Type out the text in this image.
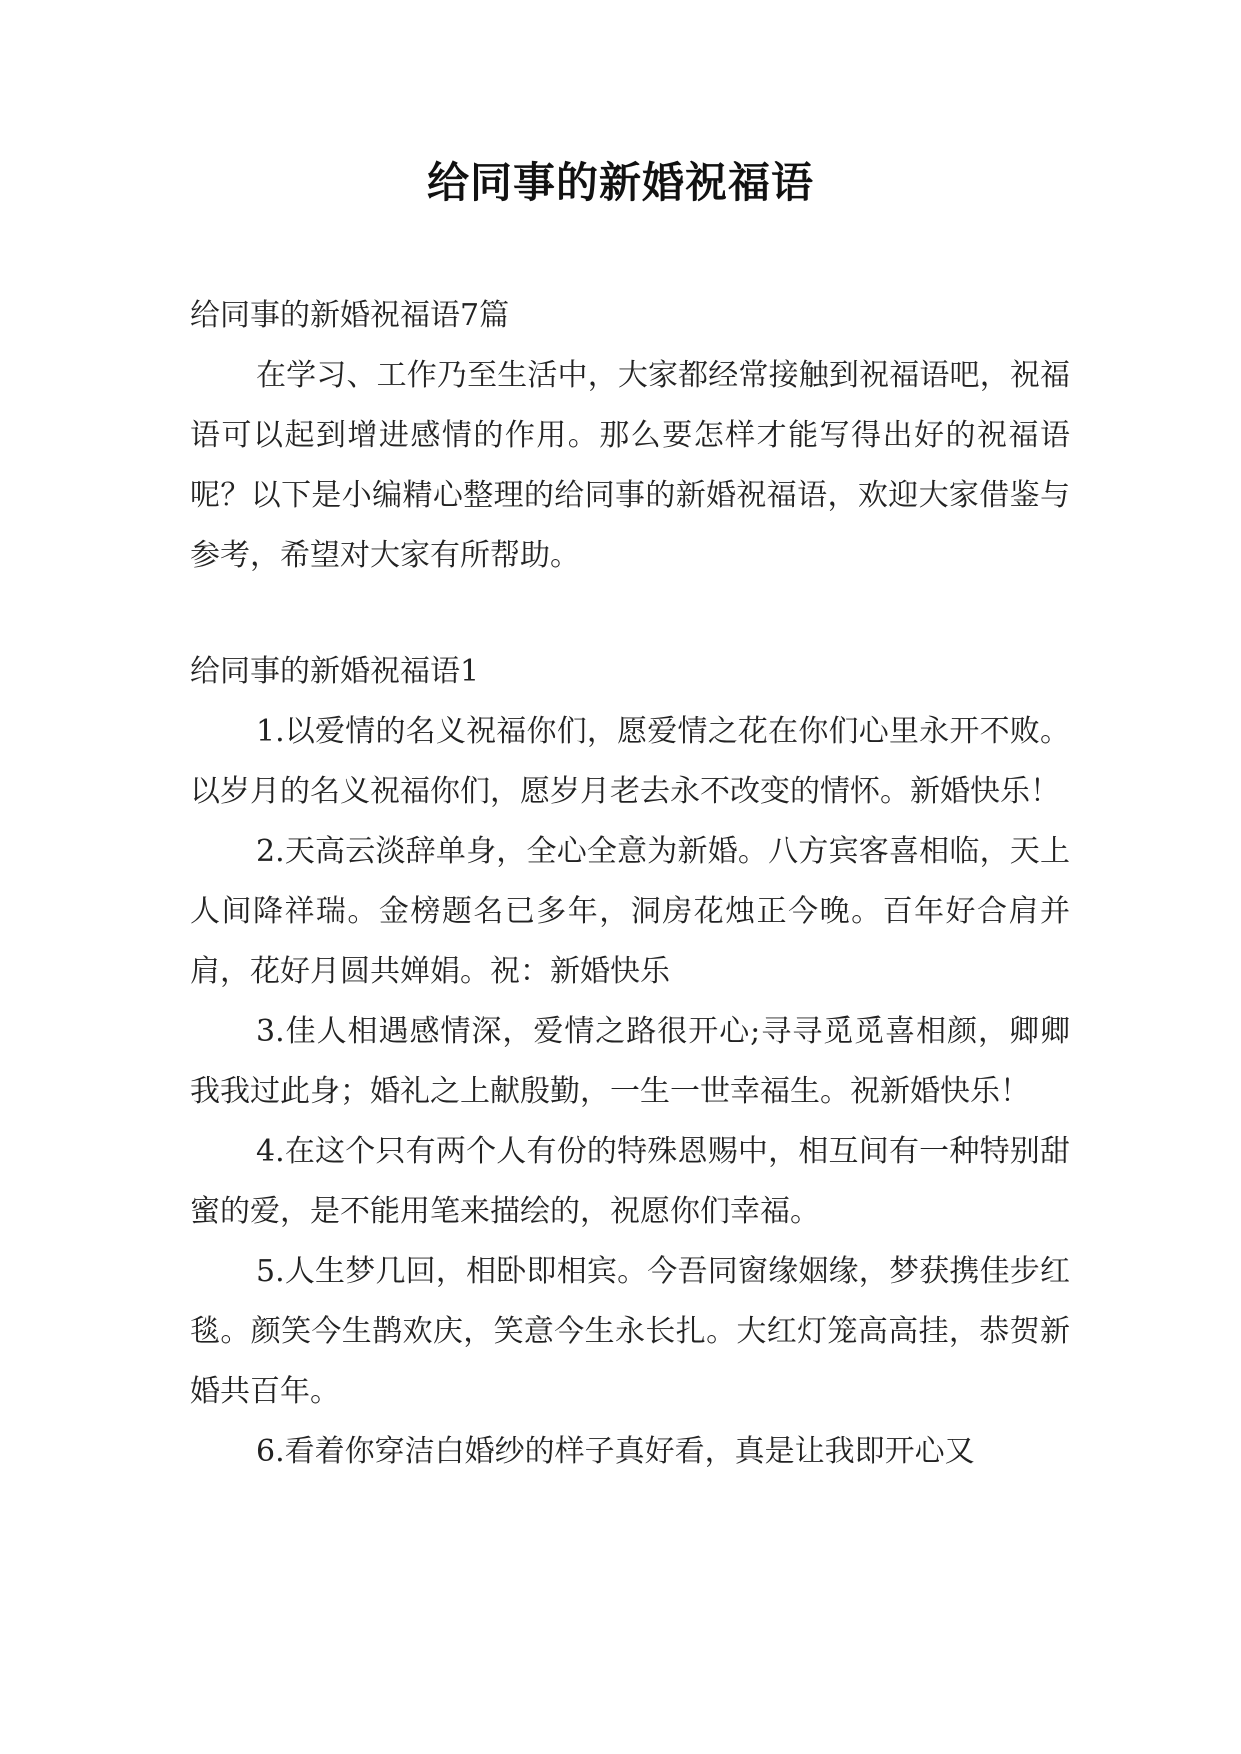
给同事的新婚祝福语

给同事的新婚祝福语7篇

在学习、工作乃至生活中，大家都经常接触到祝福语吧，祝福语可以起到增进感情的作用。那么要怎样才能写得出好的祝福语呢？以下是小编精心整理的给同事的新婚祝福语，欢迎大家借鉴与参考，希望对大家有所帮助。

给同事的新婚祝福语1

1.以爱情的名义祝福你们，愿爱情之花在你们心里永开不败。以岁月的名义祝福你们，愿岁月老去永不改变的情怀。新婚快乐！

2.天高云淡辞单身，全心全意为新婚。八方宾客喜相临，天上人间降祥瑞。金榜题名已多年，洞房花烛正今晚。百年好合肩并肩，花好月圆共婵娟。祝：新婚快乐

3.佳人相遇感情深，爱情之路很开心;寻寻觅觅喜相颜，卿卿我我过此身；婚礼之上献殷勤，一生一世幸福生。祝新婚快乐！

4.在这个只有两个人有份的特殊恩赐中，相互间有一种特别甜蜜的爱，是不能用笔来描绘的，祝愿你们幸福。

5.人生梦几回，相卧即相宾。今吾同窗缘姻缘，梦获携佳步红毯。颜笑今生鹊欢庆，笑意今生永长扎。大红灯笼高高挂，恭贺新婚共百年。

6.看着你穿洁白婚纱的样子真好看，真是让我即开心又
